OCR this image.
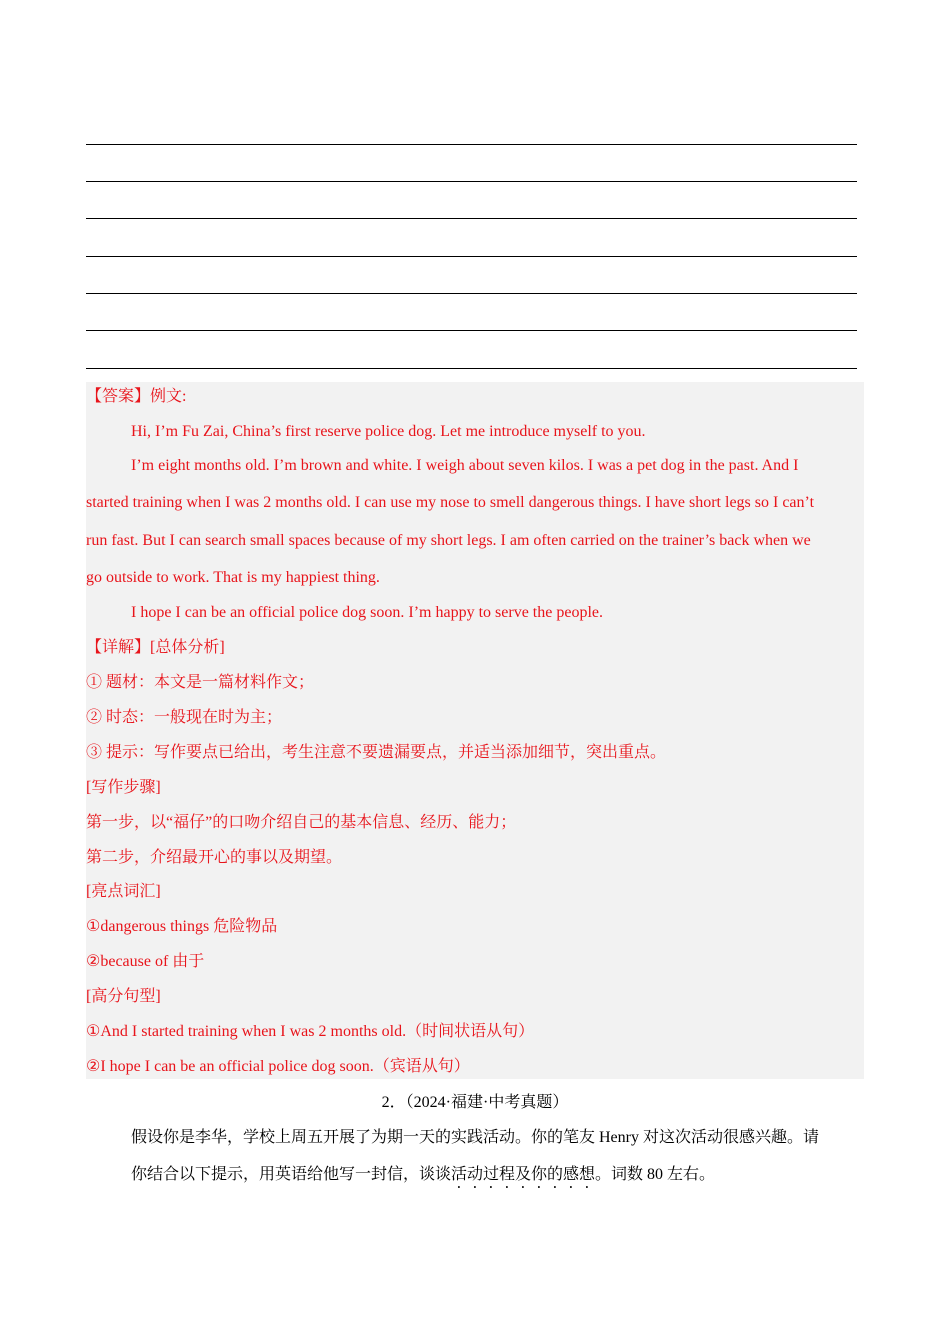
【答案】例文:
Hi, I’m Fu Zai, China’s first reserve police dog. Let me introduce myself to you.
I’m eight months old. I’m brown and white. I weigh about seven kilos. I was a pet dog in the past. And I
started training when I was 2 months old. I can use my nose to smell dangerous things. I have short legs so I can’t
run fast. But I can search small spaces because of my short legs. I am often carried on the trainer’s back when we
go outside to work. That is my happiest thing.
I hope I can be an official police dog soon. I’m happy to serve the people.
【详解】[总体分析]
① 题材：本文是一篇材料作文；
② 时态：一般现在时为主；
③ 提示：写作要点已给出，考生注意不要遗漏要点，并适当添加细节，突出重点。
[写作步骤]
第一步，以“福仔”的口吻介绍自己的基本信息、经历、能力；
第二步，介绍最开心的事以及期望。
[亮点词汇]
①dangerous things 危险物品
②because of 由于
[高分句型]
①And I started training when I was 2 months old.（时间状语从句）
②I hope I can be an official police dog soon.（宾语从句）
2．（2024·福建·中考真题）
假设你是李华，学校上周五开展了为期一天的实践活动。你的笔友 Henry 对这次活动很感兴趣。请
你结合以下提示，用英语给他写一封信，谈谈活动过程及你的感想。词数 80 左右。
